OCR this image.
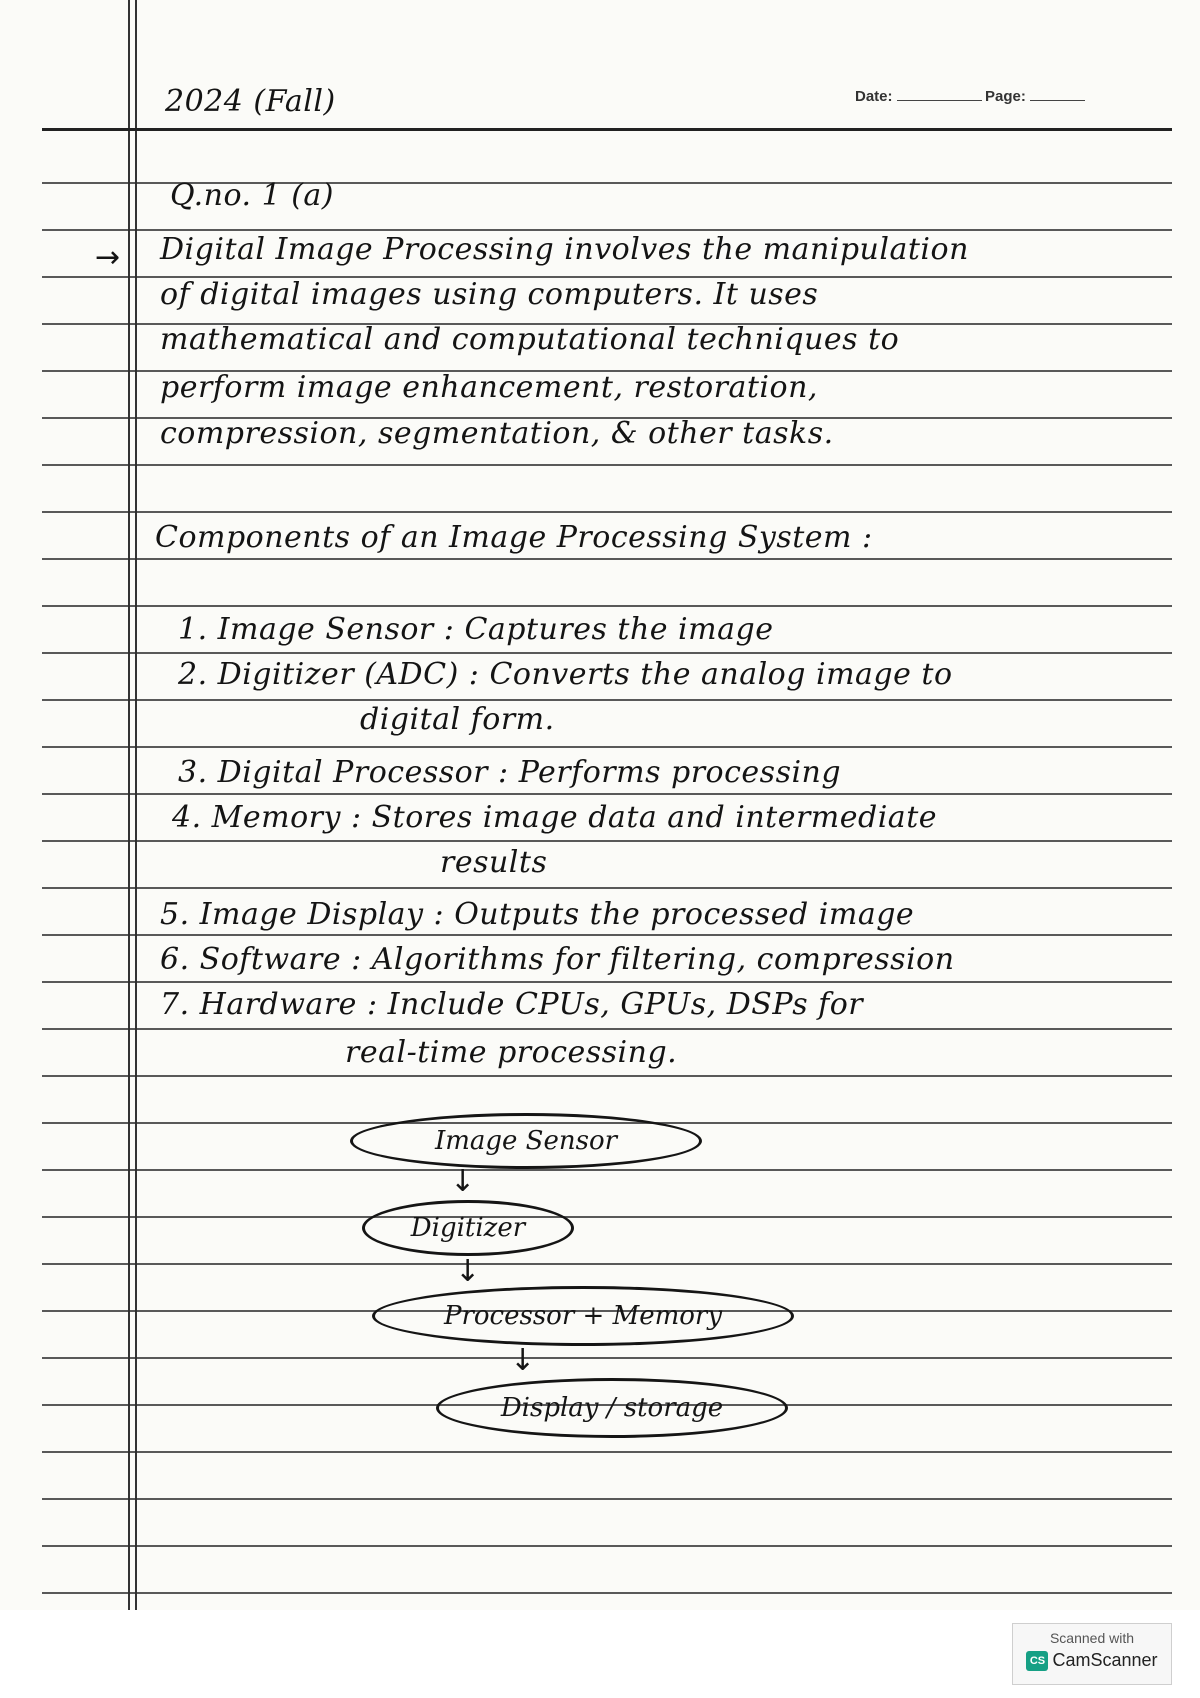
Date:	Page:
2024 (Fall)
Q.no. 1 (a)
→ Digital Image Processing involves the manipulation
of digital images using computers. It uses
mathematical and computational techniques to
perform image enhancement, restoration,
compression, segmentation, & other tasks.
Components of an Image Processing System :
1. Image Sensor : Captures the image
2. Digitizer (ADC) : Converts the analog image to
digital form.
3. Digital Processor : Performs processing
4. Memory : Stores image data and intermediate
results
5. Image Display : Outputs the processed image
6. Software : Algorithms for filtering, compression
7. Hardware : Include CPUs, GPUs, DSPs for
real-time processing.
Image Sensor
↓
Digitizer
↓
Processor + Memory
↓
Display / storage
Scanned with
CS CamScanner
